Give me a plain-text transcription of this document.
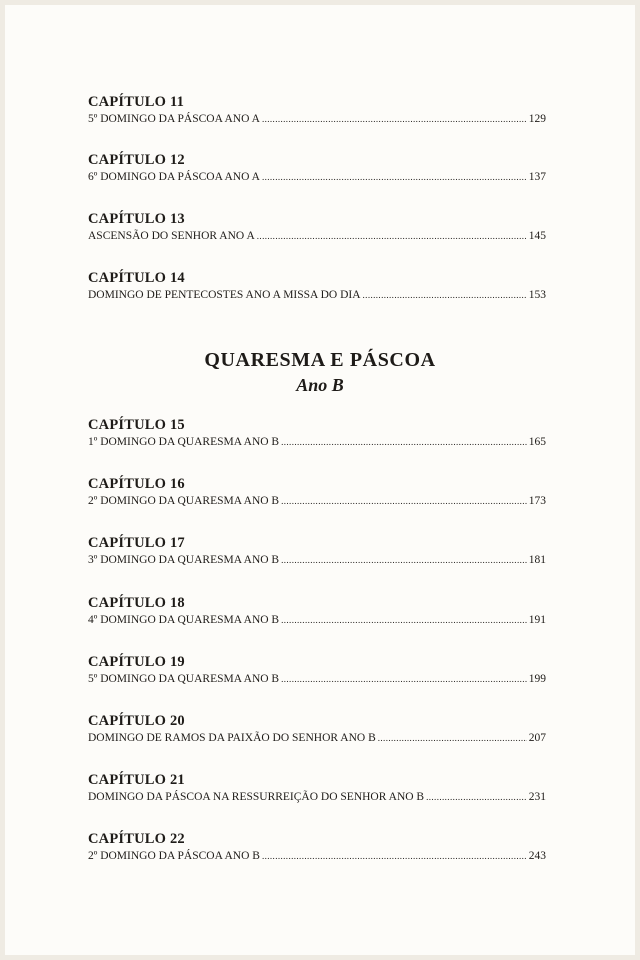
CAPÍTULO 11
5º DOMINGO DA PÁSCOA ANO A .....	129
CAPÍTULO 12
6º DOMINGO DA PÁSCOA ANO A .....	137
CAPÍTULO 13
ASCENSÃO DO SENHOR ANO A .....	145
CAPÍTULO 14
DOMINGO DE PENTECOSTES ANO A MISSA DO DIA .....	153
QUARESMA E PÁSCOA
Ano B
CAPÍTULO 15
1º DOMINGO DA QUARESMA ANO B .....	165
CAPÍTULO 16
2º DOMINGO DA QUARESMA ANO B .....	173
CAPÍTULO 17
3º DOMINGO DA QUARESMA ANO B .....	181
CAPÍTULO 18
4º DOMINGO DA QUARESMA ANO B .....	191
CAPÍTULO 19
5º DOMINGO DA QUARESMA ANO B .....	199
CAPÍTULO 20
DOMINGO DE RAMOS DA PAIXÃO DO SENHOR ANO B .....	207
CAPÍTULO 21
DOMINGO DA PÁSCOA NA RESSURREIÇÃO DO SENHOR ANO B .....	231
CAPÍTULO 22
2º DOMINGO DA PÁSCOA ANO B .....	243
